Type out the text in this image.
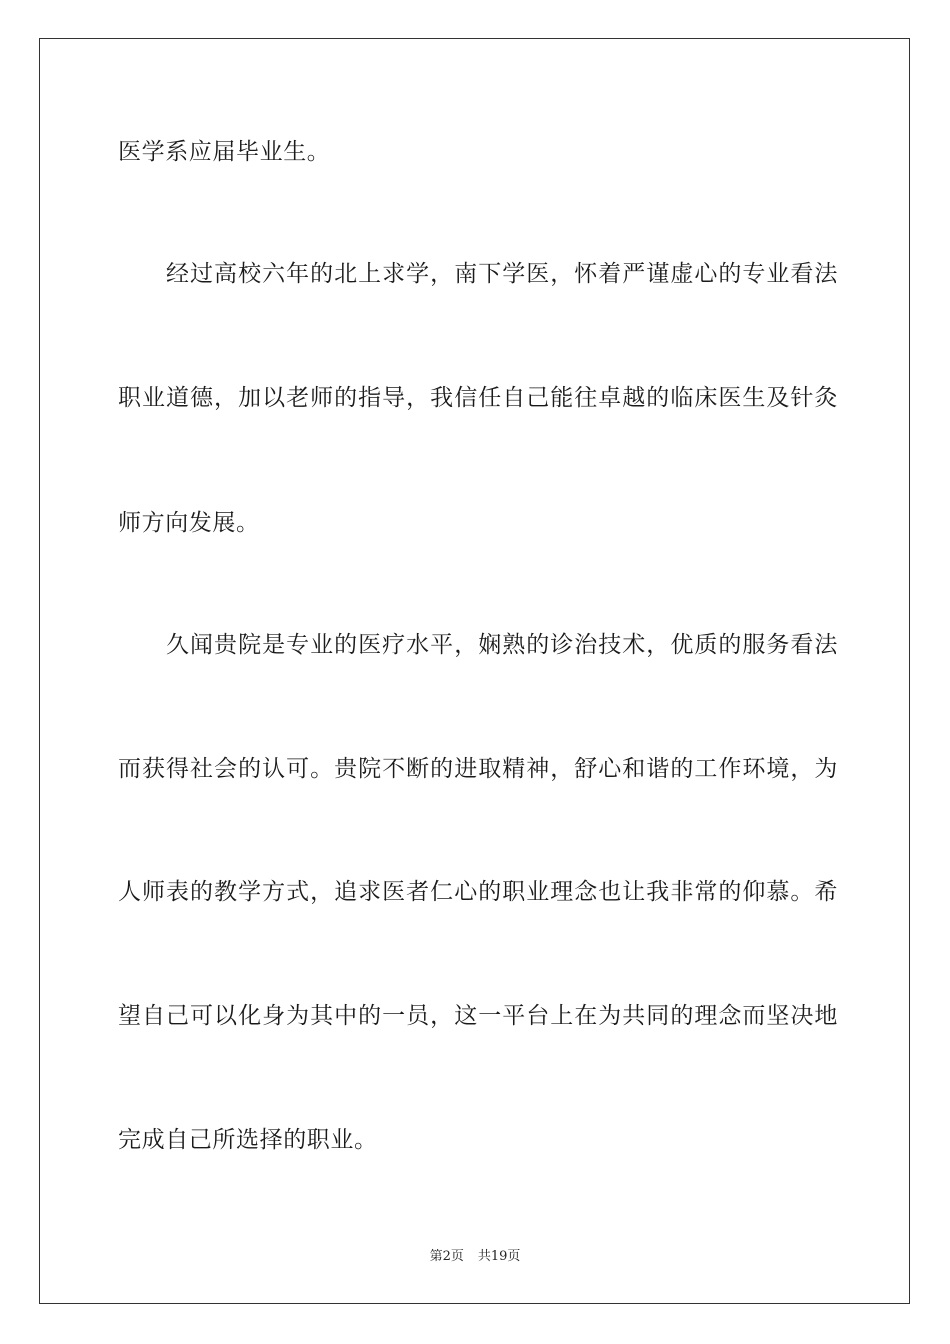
医学系应届毕业生。
　　经过高校六年的北上求学，南下学医，怀着严谨虚心的专业看法
职业道德，加以老师的指导，我信任自己能往卓越的临床医生及针灸
师方向发展。
　　久闻贵院是专业的医疗水平，娴熟的诊治技术，优质的服务看法
而获得社会的认可。贵院不断的进取精神，舒心和谐的工作环境，为
人师表的教学方式，追求医者仁心的职业理念也让我非常的仰慕。希
望自己可以化身为其中的一员，这一平台上在为共同的理念而坚决地
完成自己所选择的职业。
第2页 共19页
